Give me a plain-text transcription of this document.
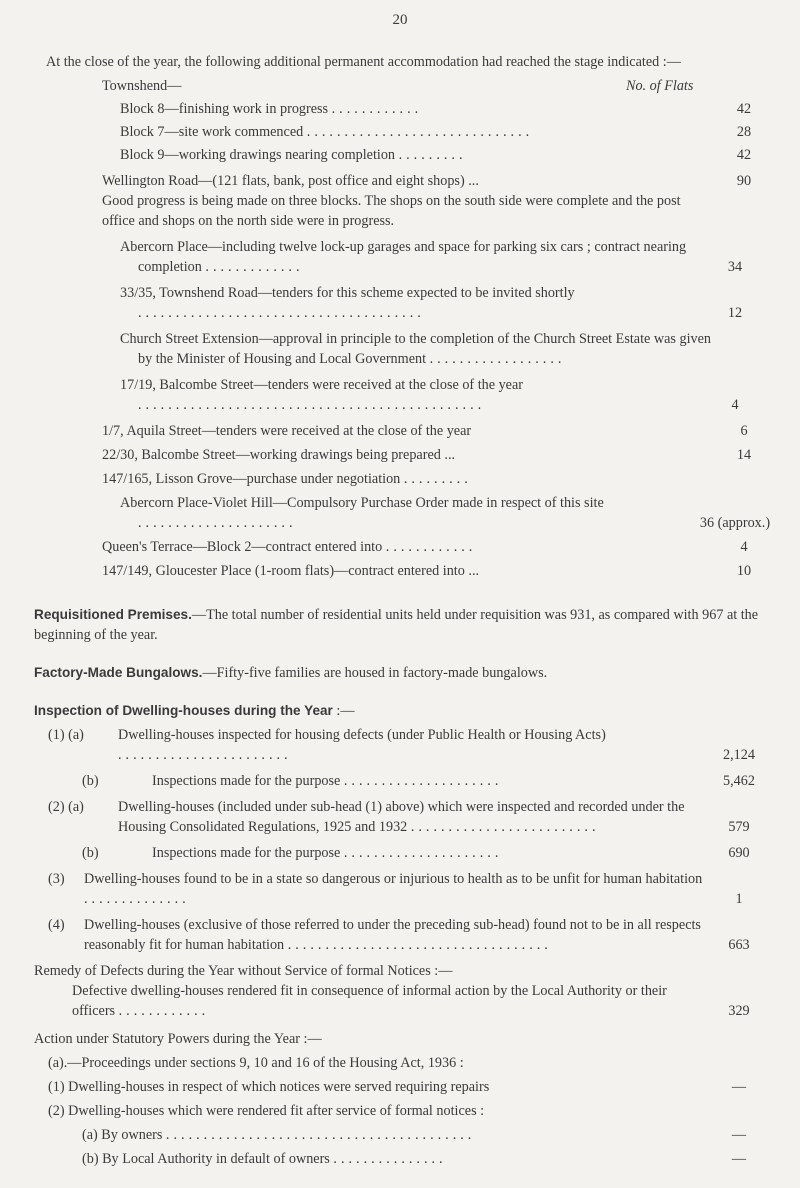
20

At the close of the year, the following additional permanent accommodation had reached the stage indicated :—

Townshend—	No. of Flats
Block 8—finishing work in progress ............	42
Block 7—site work commenced ..............................	28
Block 9—working drawings nearing completion .........	42
Wellington Road—(121 flats, bank, post office and eight shops) ...	90
Good progress is being made on three blocks. The shops on the south side were complete and the post office and shops on the north side were in progress.
Abercorn Place—including twelve lock-up garages and space for parking six cars ; contract nearing completion .............	34
33/35, Townshend Road—tenders for this scheme expected to be invited shortly ......................................	12
Church Street Extension—approval in principle to the completion of the Church Street Estate was given by the Minister of Housing and Local Government ..................
17/19, Balcombe Street—tenders were received at the close of the year ..............................................	4
1/7, Aquila Street—tenders were received at the close of the year	6
22/30, Balcombe Street—working drawings being prepared ...	14
147/165, Lisson Grove—purchase under negotiation .........
Abercorn Place-Violet Hill—Compulsory Purchase Order made in respect of this site .....................	36 (approx.)
Queen's Terrace—Block 2—contract entered into ............	4
147/149, Gloucester Place (1-room flats)—contract entered into ...	10

Requisitioned Premises.—The total number of residential units held under requisition was 931, as compared with 967 at the beginning of the year.

Factory-Made Bungalows.—Fifty-five families are housed in factory-made bungalows.

Inspection of Dwelling-houses during the Year :—

(1) (a)	Dwelling-houses inspected for housing defects (under Public Health or Housing Acts) .......................	2,124
(b)	Inspections made for the purpose .....................	5,462
(2) (a)	Dwelling-houses (included under sub-head (1) above) which were inspected and recorded under the Housing Consolidated Regulations, 1925 and 1932 .........................	579
(b)	Inspections made for the purpose .....................	690
(3)	Dwelling-houses found to be in a state so dangerous or injurious to health as to be unfit for human habitation ..............	1
(4)	Dwelling-houses (exclusive of those referred to under the preceding sub-head) found not to be in all respects reasonably fit for human habitation ...................................	663

Remedy of Defects during the Year without Service of formal Notices :—

Defective dwelling-houses rendered fit in consequence of informal action by the Local Authority or their officers ............	329

Action under Statutory Powers during the Year :—

(a).—Proceedings under sections 9, 10 and 16 of the Housing Act, 1936 :

(1) Dwelling-houses in respect of which notices were served requiring repairs	—
(2) Dwelling-houses which were rendered fit after service of formal notices :
(a) By owners .........................................	—
(b) By Local Authority in default of owners ...............	—
